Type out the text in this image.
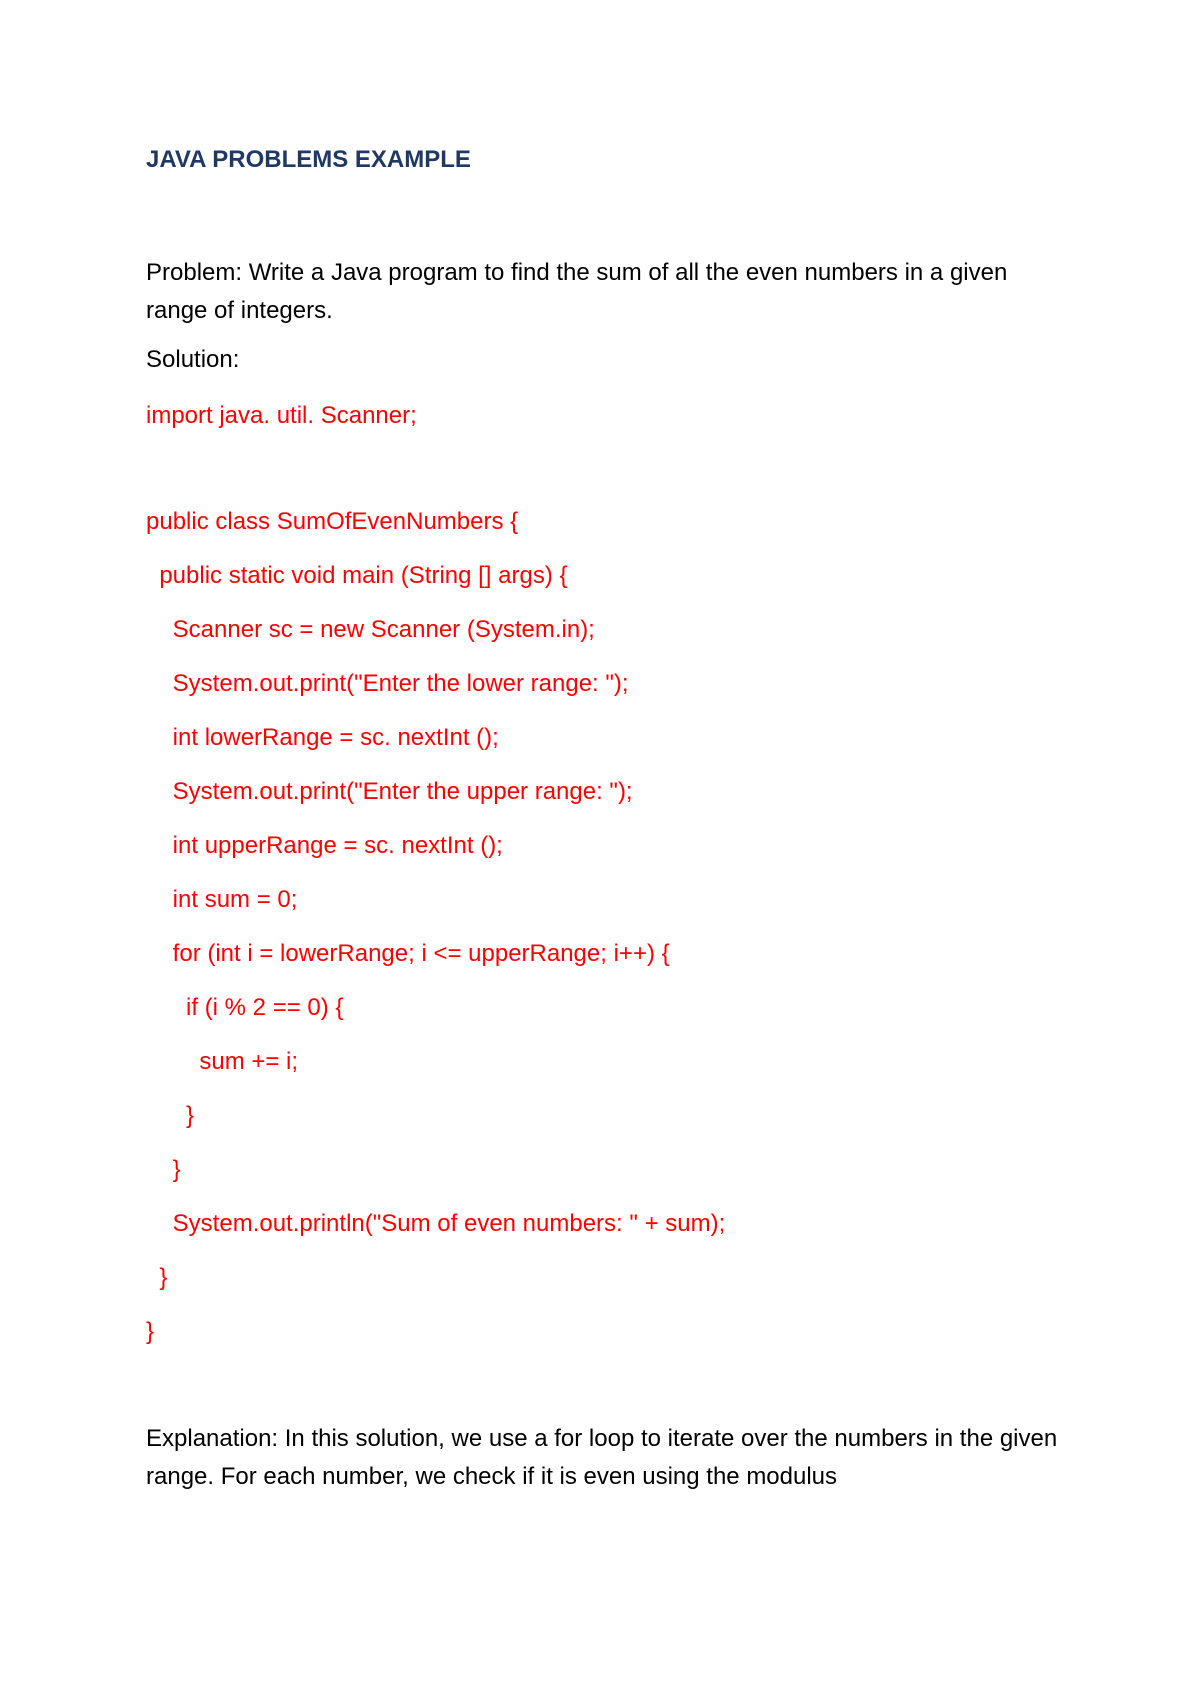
JAVA PROBLEMS EXAMPLE

Problem: Write a Java program to find the sum of all the even numbers in a given range of integers.

Solution:
import java. util. Scanner;
public class SumOfEvenNumbers {
public static void main (String [] args) {
Scanner sc = new Scanner (System.in);
System.out.print("Enter the lower range: ");
int lowerRange = sc. nextInt ();
System.out.print("Enter the upper range: ");
int upperRange = sc. nextInt ();
int sum = 0;
for (int i = lowerRange; i <= upperRange; i++) {
if (i % 2 == 0) {
sum += i;
}
}
System.out.println("Sum of even numbers: " + sum);
}
}

Explanation: In this solution, we use a for loop to iterate over the numbers in the given range. For each number, we check if it is even using the modulus
